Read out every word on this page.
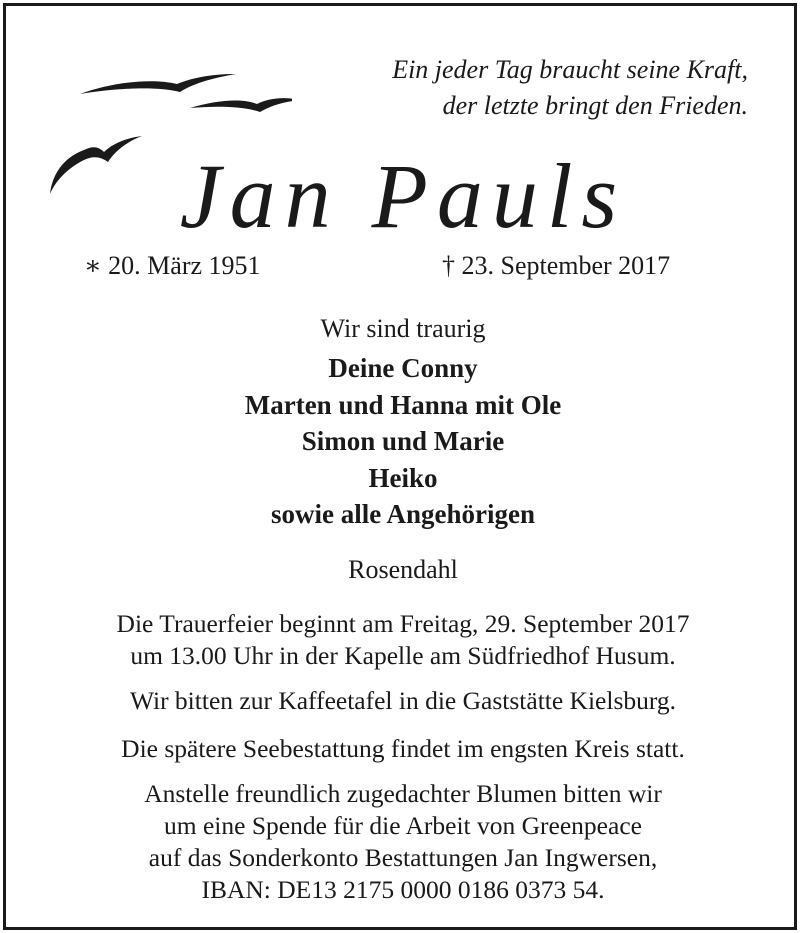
Ein jeder Tag braucht seine Kraft,
der letzte bringt den Frieden.
Jan Pauls
∗ 20. März 1951	† 23. September 2017
Wir sind traurig
Deine Conny
Marten und Hanna mit Ole
Simon und Marie
Heiko
sowie alle Angehörigen
Rosendahl
Die Trauerfeier beginnt am Freitag, 29. September 2017
um 13.00 Uhr in der Kapelle am Südfriedhof Husum.
Wir bitten zur Kaffeetafel in die Gaststätte Kielsburg.
Die spätere Seebestattung findet im engsten Kreis statt.
Anstelle freundlich zugedachter Blumen bitten wir
um eine Spende für die Arbeit von Greenpeace
auf das Sonderkonto Bestattungen Jan Ingwersen,
IBAN: DE13 2175 0000 0186 0373 54.
